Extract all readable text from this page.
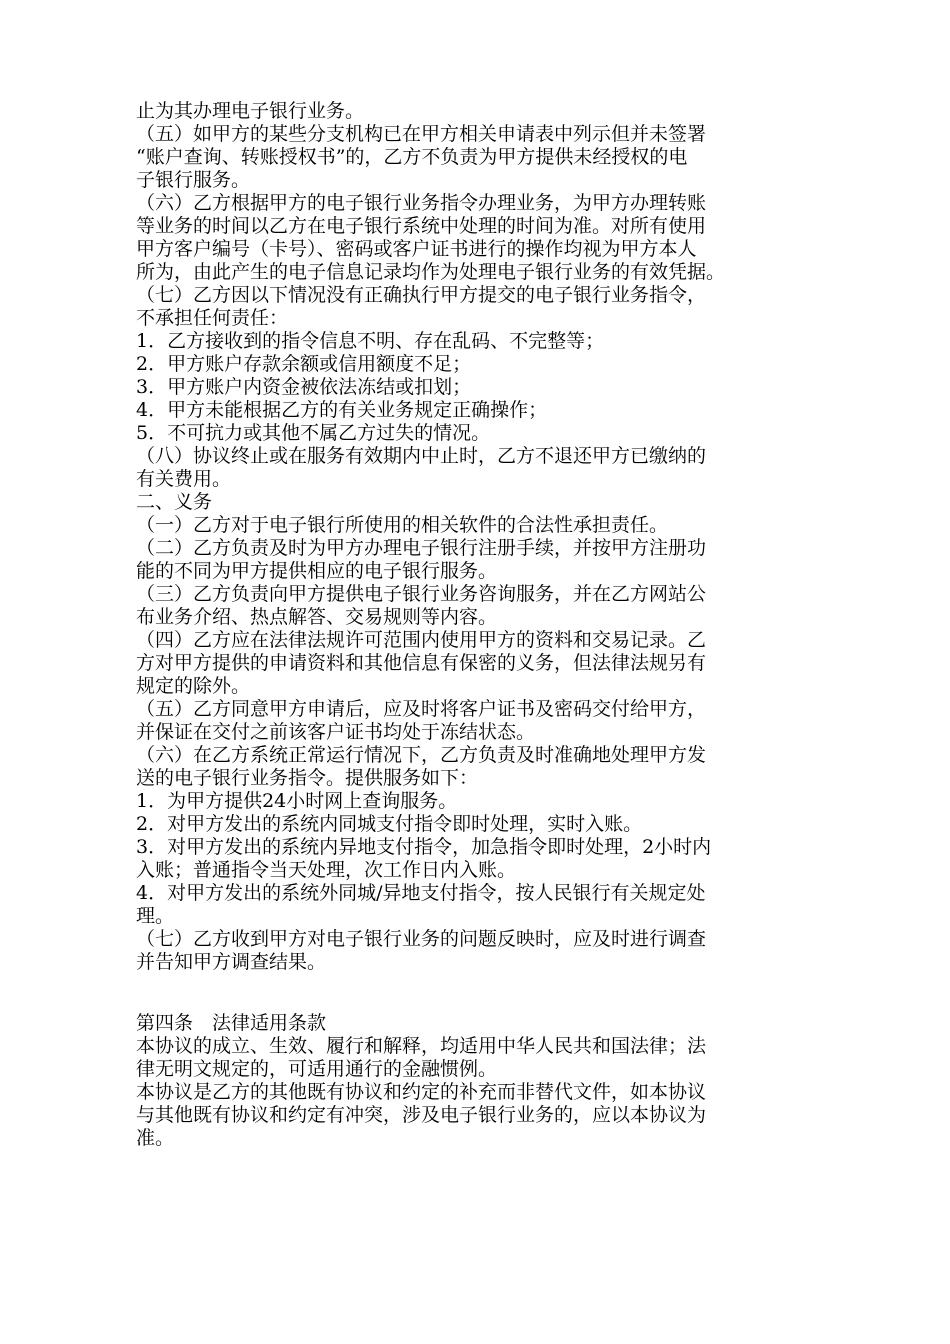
止为其办理电子银行业务。
（五）如甲方的某些分支机构已在甲方相关申请表中列示但并未签署
“账户查询、转账授权书”的，乙方不负责为甲方提供未经授权的电
子银行服务。
（六）乙方根据甲方的电子银行业务指令办理业务，为甲方办理转账
等业务的时间以乙方在电子银行系统中处理的时间为准。对所有使用
甲方客户编号（卡号）、密码或客户证书进行的操作均视为甲方本人
所为，由此产生的电子信息记录均作为处理电子银行业务的有效凭据。
（七）乙方因以下情况没有正确执行甲方提交的电子银行业务指令，
不承担任何责任：
1．乙方接收到的指令信息不明、存在乱码、不完整等；
2．甲方账户存款余额或信用额度不足；
3．甲方账户内资金被依法冻结或扣划；
4．甲方未能根据乙方的有关业务规定正确操作；
5．不可抗力或其他不属乙方过失的情况。
（八）协议终止或在服务有效期内中止时，乙方不退还甲方已缴纳的
有关费用。
二、义务
（一）乙方对于电子银行所使用的相关软件的合法性承担责任。
（二）乙方负责及时为甲方办理电子银行注册手续，并按甲方注册功
能的不同为甲方提供相应的电子银行服务。
（三）乙方负责向甲方提供电子银行业务咨询服务，并在乙方网站公
布业务介绍、热点解答、交易规则等内容。
（四）乙方应在法律法规许可范围内使用甲方的资料和交易记录。乙
方对甲方提供的申请资料和其他信息有保密的义务，但法律法规另有
规定的除外。
（五）乙方同意甲方申请后，应及时将客户证书及密码交付给甲方，
并保证在交付之前该客户证书均处于冻结状态。
（六）在乙方系统正常运行情况下，乙方负责及时准确地处理甲方发
送的电子银行业务指令。提供服务如下：
1．为甲方提供24小时网上查询服务。
2．对甲方发出的系统内同城支付指令即时处理，实时入账。
3．对甲方发出的系统内异地支付指令，加急指令即时处理，2小时内
入账；普通指令当天处理，次工作日内入账。
4．对甲方发出的系统外同城/异地支付指令，按人民银行有关规定处
理。
（七）乙方收到甲方对电子银行业务的问题反映时，应及时进行调查
并告知甲方调查结果。
第四条　法律适用条款
本协议的成立、生效、履行和解释，均适用中华人民共和国法律；法
律无明文规定的，可适用通行的金融惯例。
本协议是乙方的其他既有协议和约定的补充而非替代文件，如本协议
与其他既有协议和约定有冲突，涉及电子银行业务的，应以本协议为
准。
